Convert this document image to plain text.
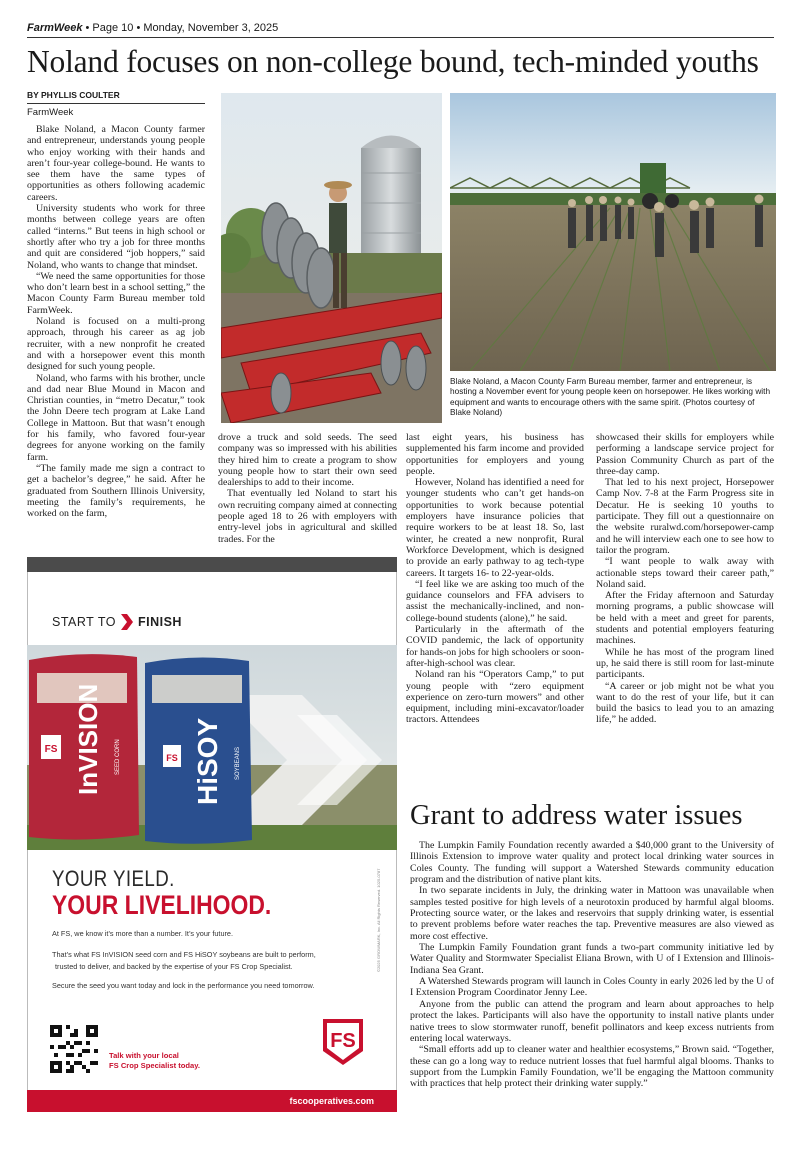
FarmWeek • Page 10 • Monday, November 3, 2025
Noland focuses on non-college bound, tech-minded youths
BY PHYLLIS COULTER
FarmWeek

Blake Noland, a Macon County farmer and entrepreneur, understands young people who enjoy working with their hands and aren’t four-year college-bound. He wants to see them have the same types of opportunities as others following academic careers.

University students who work for three months between college years are often called “interns.” But teens in high school or shortly after who try a job for three months and quit are considered “job hoppers,” said Noland, who wants to change that mindset.

“We need the same opportunities for those who don’t learn best in a school setting,” the Macon County Farm Bureau member told FarmWeek.

Noland is focused on a multi-prong approach, through his career as ag job recruiter, with a new nonprofit he created and with a horsepower event this month designed for such young people.

Noland, who farms with his brother, uncle and dad near Blue Mound in Macon and Christian counties, in “metro Decatur,” took the John Deere tech program at Lake Land College in Mattoon. But that wasn’t enough for his family, who favored four-year degrees for anyone working on the family farm.

“The family made me sign a contract to get a bachelor’s degree,” he said. After he graduated from Southern Illinois University, meeting the family’s requirements, he worked on the farm,

Blake Noland, a Macon County Farm Bureau member, farmer and entrepreneur, is hosting a November event for young people keen on horsepower. He likes working with equipment and wants to encourage others with the same spirit. (Photos courtesy of Blake Noland)

drove a truck and sold seeds. The seed company was so impressed with his abilities they hired him to create a program to show young people how to start their own seed dealerships to add to their income.

That eventually led Noland to start his own recruiting company aimed at connecting people aged 18 to 26 with employers with entry-level jobs in agricultural and skilled trades. For the

last eight years, his business has supplemented his farm income and provided opportunities for employers and young people.

However, Noland has identified a need for younger students who can’t get hands-on opportunities to work because potential employers have insurance policies that require workers to be at least 18. So, last winter, he created a new nonprofit, Rural Workforce Development, which is designed to provide an early pathway to ag tech-type careers. It targets 16- to 22-year-olds.

“I feel like we are asking too much of the guidance counselors and FFA advisers to assist the mechanically-inclined, and non-college-bound students (alone),” he said.

Particularly in the aftermath of the COVID pandemic, the lack of opportunity for hands-on jobs for high schoolers or soon-after-high-school was clear.

Noland ran his “Operators Camp,” to put young people with “zero equipment experience on zero-turn mowers” and other equipment, including mini-excavator/loader tractors. Attendees

showcased their skills for employers while performing a landscape service project for Passion Community Church as part of the three-day camp.

That led to his next project, Horsepower Camp Nov. 7-8 at the Farm Progress site in Decatur. He is seeking 10 youths to participate. They fill out a questionnaire on the website ruralwd.com/horsepower-camp and he will interview each one to see how to tailor the program.

“I want people to walk away with actionable steps toward their career path,” Noland said.

After the Friday afternoon and Saturday morning programs, a public showcase will be held with a meet and greet for parents, students and potential employers featuring machines.

While he has most of the program lined up, he said there is still room for last-minute participants.

“A career or job might not be what you want to do the rest of your life, but it can build the basics to lead you to an amazing life,” he added.

START TO FINISH
FS InVISION SEED CORN	FS HiSOY SOYBEANS
YOUR YIELD.
YOUR LIVELIHOOD.
At FS, we know it’s more than a number. It’s your future.
That’s what FS InVISION seed corn and FS HiSOY soybeans are built to perform,
trusted to deliver, and backed by the expertise of your FS Crop Specialist.
Secure the seed you want today and lock in the performance you need tomorrow.
Talk with your local
FS Crop Specialist today.
©2025 GROWMARK, Inc. All Rights Reserved. 1025-0787
FS
fscooperatives.com
Grant to address water issues

The Lumpkin Family Foundation recently awarded a $40,000 grant to the University of Illinois Extension to improve water quality and protect local drinking water sources in Coles County. The funding will support a Watershed Stewards community education program and the distribution of native plant kits.

In two separate incidents in July, the drinking water in Mattoon was unavailable when samples tested positive for high levels of a neurotoxin produced by harmful algal blooms. Protecting source water, or the lakes and reservoirs that supply drinking water, is essential to prevent problems before water reaches the tap. Preventive measures are also viewed as more cost effective.

The Lumpkin Family Foundation grant funds a two-part community initiative led by Water Quality and Stormwater Specialist Eliana Brown, with U of I Extension and Illinois-Indiana Sea Grant.

A Watershed Stewards program will launch in Coles County in early 2026 led by the U of I Extension Program Coordinator Jenny Lee.

Anyone from the public can attend the program and learn about approaches to help protect the lakes. Participants will also have the opportunity to install native plants under native trees to slow stormwater runoff, benefit pollinators and keep excess nutrients from entering local waterways.

“Small efforts add up to cleaner water and healthier ecosystems,” Brown said. “Together, these can go a long way to reduce nutrient losses that fuel harmful algal blooms. Thanks to support from the Lumpkin Family Foundation, we’ll be engaging the Mattoon community with practices that help protect their drinking water supply.”
